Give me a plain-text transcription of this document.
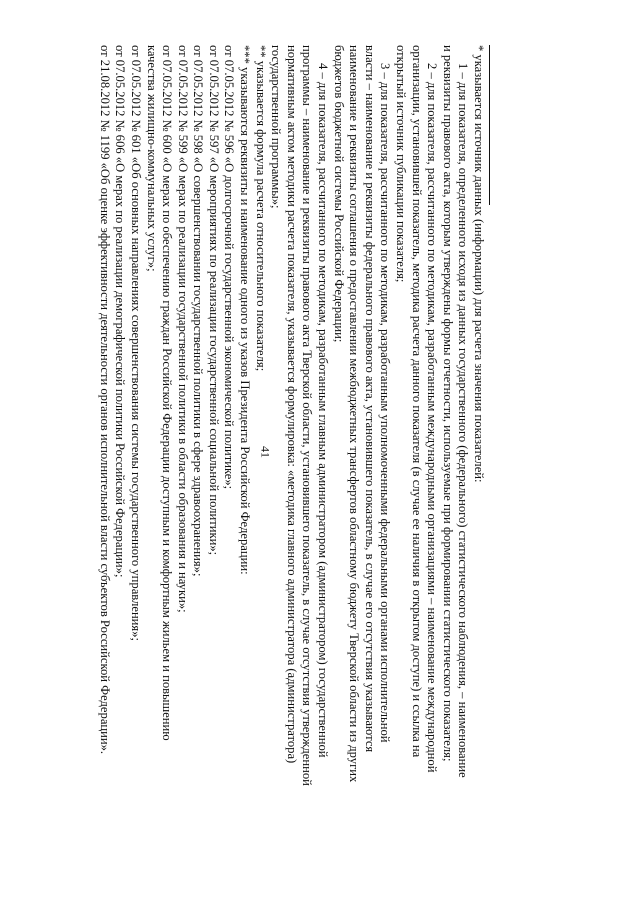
41	* указывается источник данных (информации) для расчета значения показателей:
1 – для показателя, определенного исходя из данных государственного (федерального) статистического наблюдения, – наименование
и реквизиты правового акта, которым утверждены формы отчетности, используемые при формировании статистического показателя;
2 – для показателя, рассчитанного по методикам, разработанным международными организациями – наименование международной
организации, установившей показатель, методика расчета данного показателя (в случае ее наличия в открытом доступе) и ссылка на
открытый источник публикации показателя;
3 – для показателя, рассчитанного по методикам, разработанным уполномоченными федеральными органами исполнительной
власти – наименование и реквизиты федерального правового акта, установившего показатель, в случае его отсутствия указываются
наименование и реквизиты соглашения о предоставлении межбюджетных трансфертов областному бюджету Тверской области из других
бюджетов бюджетной системы Российской Федерации;
4 – для показателя, рассчитанного по методикам, разработанным главным администратором (администратором) государственной
программы – наименование и реквизиты правового акта Тверской области, установившего показатель, в случае отсутствия утвержденной
нормативным актом методики расчета показателя, указывается формулировка: «методика главного администратора (администратора)
государственной программы»;
** указывается формула расчета относительного показателя;
*** указываются реквизиты и наименование одного из указов Президента Российской Федерации:
от 07.05.2012 № 596 «О долгосрочной государственной экономической политике»;
от 07.05.2012 № 597 «О мероприятиях по реализации государственной социальной политики»;
от 07.05.2012 № 598 «О совершенствовании государственной политики в сфере здравоохранения»;
от 07.05.2012 № 599 «О мерах по реализации государственной политики в области образования и науки»;
от 07.05.2012 № 600 «О мерах по обеспечению граждан Российской Федерации доступным и комфортным жильем и повышению
качества жилищно-коммунальных услуг»;
от 07.05.2012 № 601 «Об основных направлениях совершенствования системы государственного управления»;
от 07.05.2012 № 606 «О мерах по реализации демографической политики Российской Федерации»;
от 21.08.2012 № 1199 «Об оценке эффективности деятельности органов исполнительной власти субъектов Российской Федерации».
